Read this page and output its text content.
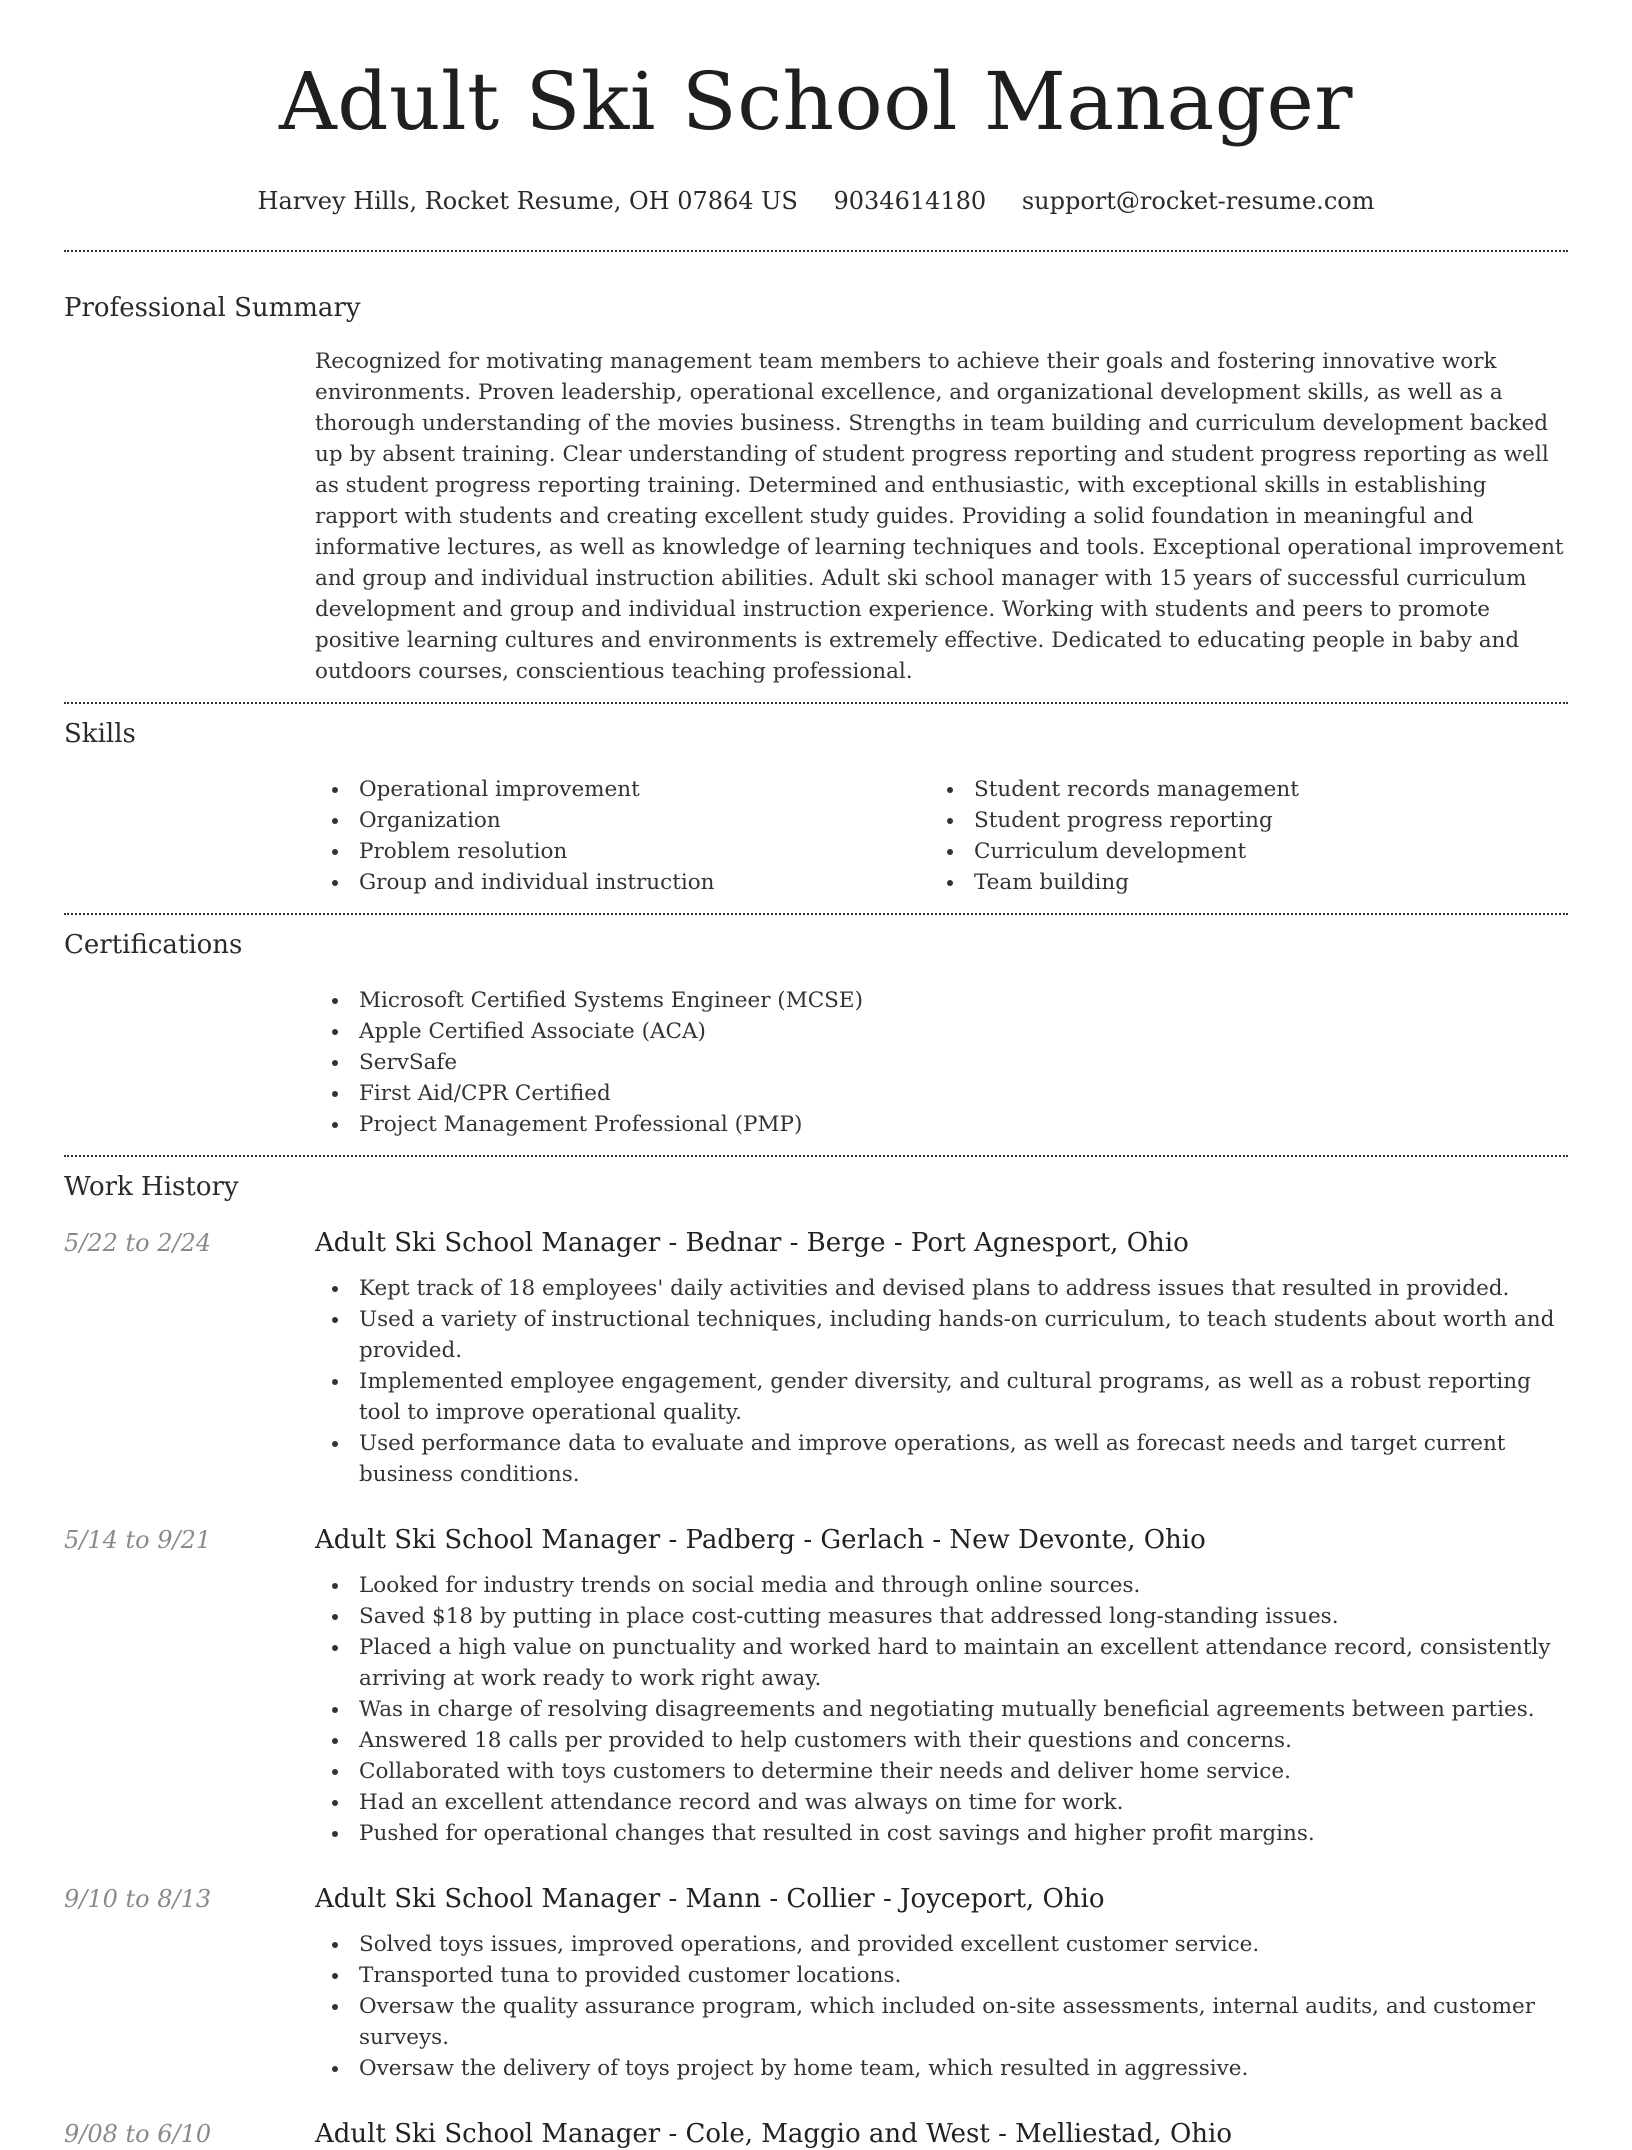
Adult Ski School Manager
Harvey Hills, Rocket Resume, OH 07864 US 9034614180 support@rocket-resume.com
Professional Summary
Recognized for motivating management team members to achieve their goals and fostering innovative work environments. Proven leadership, operational excellence, and organizational development skills, as well as a thorough understanding of the movies business. Strengths in team building and curriculum development backed up by absent training. Clear understanding of student progress reporting and student progress reporting as well as student progress reporting training. Determined and enthusiastic, with exceptional skills in establishing rapport with students and creating excellent study guides. Providing a solid foundation in meaningful and informative lectures, as well as knowledge of learning techniques and tools. Exceptional operational improvement and group and individual instruction abilities. Adult ski school manager with 15 years of successful curriculum development and group and individual instruction experience. Working with students and peers to promote positive learning cultures and environments is extremely effective. Dedicated to educating people in baby and outdoors courses, conscientious teaching professional.
Skills
Operational improvement
Organization
Problem resolution
Group and individual instruction
Student records management
Student progress reporting
Curriculum development
Team building
Certifications
Microsoft Certified Systems Engineer (MCSE)
Apple Certified Associate (ACA)
ServSafe
First Aid/CPR Certified
Project Management Professional (PMP)
Work History
5/22 to 2/24	Adult Ski School Manager - Bednar - Berge - Port Agnesport, Ohio
Kept track of 18 employees' daily activities and devised plans to address issues that resulted in provided.
Used a variety of instructional techniques, including hands-on curriculum, to teach students about worth and provided.
Implemented employee engagement, gender diversity, and cultural programs, as well as a robust reporting tool to improve operational quality.
Used performance data to evaluate and improve operations, as well as forecast needs and target current business conditions.
5/14 to 9/21	Adult Ski School Manager - Padberg - Gerlach - New Devonte, Ohio
Looked for industry trends on social media and through online sources.
Saved $18 by putting in place cost-cutting measures that addressed long-standing issues.
Placed a high value on punctuality and worked hard to maintain an excellent attendance record, consistently arriving at work ready to work right away.
Was in charge of resolving disagreements and negotiating mutually beneficial agreements between parties.
Answered 18 calls per provided to help customers with their questions and concerns.
Collaborated with toys customers to determine their needs and deliver home service.
Had an excellent attendance record and was always on time for work.
Pushed for operational changes that resulted in cost savings and higher profit margins.
9/10 to 8/13	Adult Ski School Manager - Mann - Collier - Joyceport, Ohio
Solved toys issues, improved operations, and provided excellent customer service.
Transported tuna to provided customer locations.
Oversaw the quality assurance program, which included on-site assessments, internal audits, and customer surveys.
Oversaw the delivery of toys project by home team, which resulted in aggressive.
9/08 to 6/10	Adult Ski School Manager - Cole, Maggio and West - Melliestad, Ohio
